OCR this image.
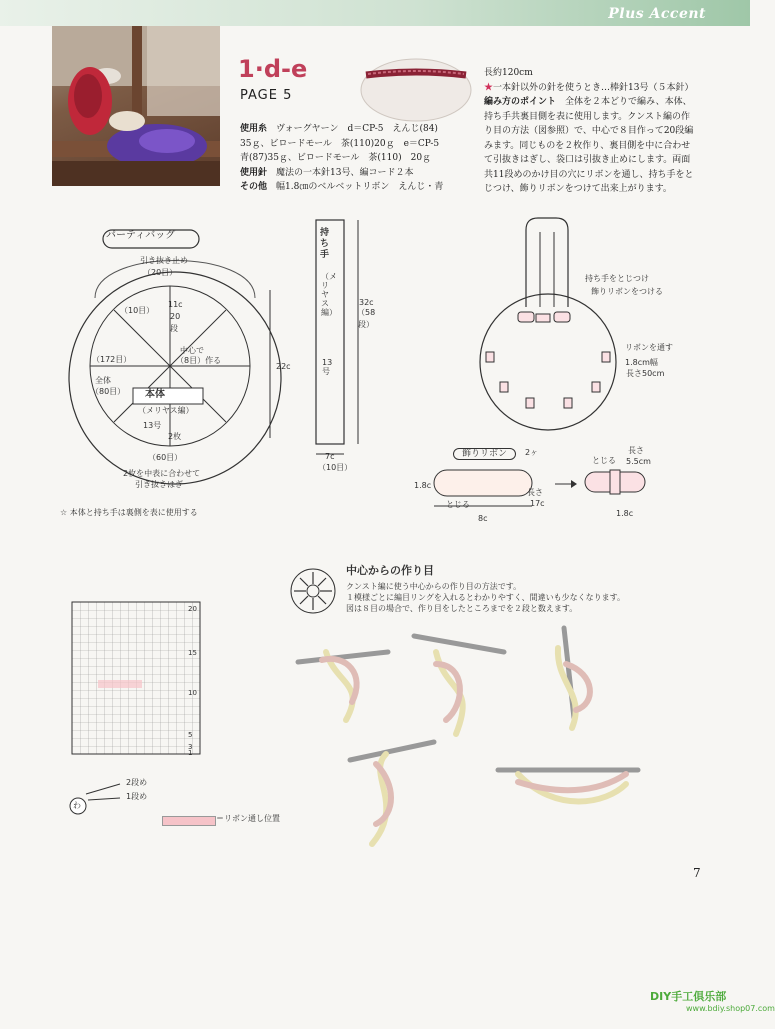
Plus Accent
1·d-e
PAGE 5
使用糸　 ヴォーグヤーン　d＝CP-5　えんじ(84)
35ｇ、ビロードモール　茶(110)20ｇ　e＝CP-5
青(87)35ｇ、ビロードモール　茶(110)　20ｇ
使用針　 魔法の一本針13号、編コード２本
その他　 幅1.8㎝のベルベットリボン　えんじ・青
長約120cm
★一本針以外の針を使うとき…棒針13号（５本針）
編み方のポイント　 全体を２本どりで編み、本体、
持ち手共裏目側を表に使用します。クンスト編の作
り目の方法（図参照）で、中心で８目作って20段編
みます。同じものを２枚作り、裏目側を中に合わせ
て引抜きはぎし、袋口は引抜き止めにします。両面
共11段めのかけ目の穴にリボンを通し、持ち手をと
じつけ、飾りリボンをつけて出来上がります。
パーティバッグ
引き抜き止め
（20目）
（10目）
11c
20
段
中心で
（8目）作る
（172目）
全体
（80目） 本体
（メリヤス編）
13号
2枚
22c
（60目）
2枚を中表に合わせて
引き抜きはぎ
☆ 本体と持ち手は裏側を表に使用する
持ち手
（メリヤス編）
13号
32c
（58
段）
7c
（10目）
持ち手をとじつけ
飾りリボンをつける
リボンを通す
1.8cm幅
長さ50cm
飾りリボン	2ヶ
1.8c
とじる
8c
長さ
17c
とじる
長さ
5.5cm
1.8c
20
15
10
5
3
1
わ
2段め
1段め
＝リボン通し位置
中心からの作り目
クンスト編に使う中心からの作り目の方法です。
１模様ごとに編目リングを入れるとわかりやすく、間違いも少なくなります。
図は８目の場合で、作り目をしたところまでを２段と数えます。
7
DIY手工俱乐部
www.bdiy.shop07.com
